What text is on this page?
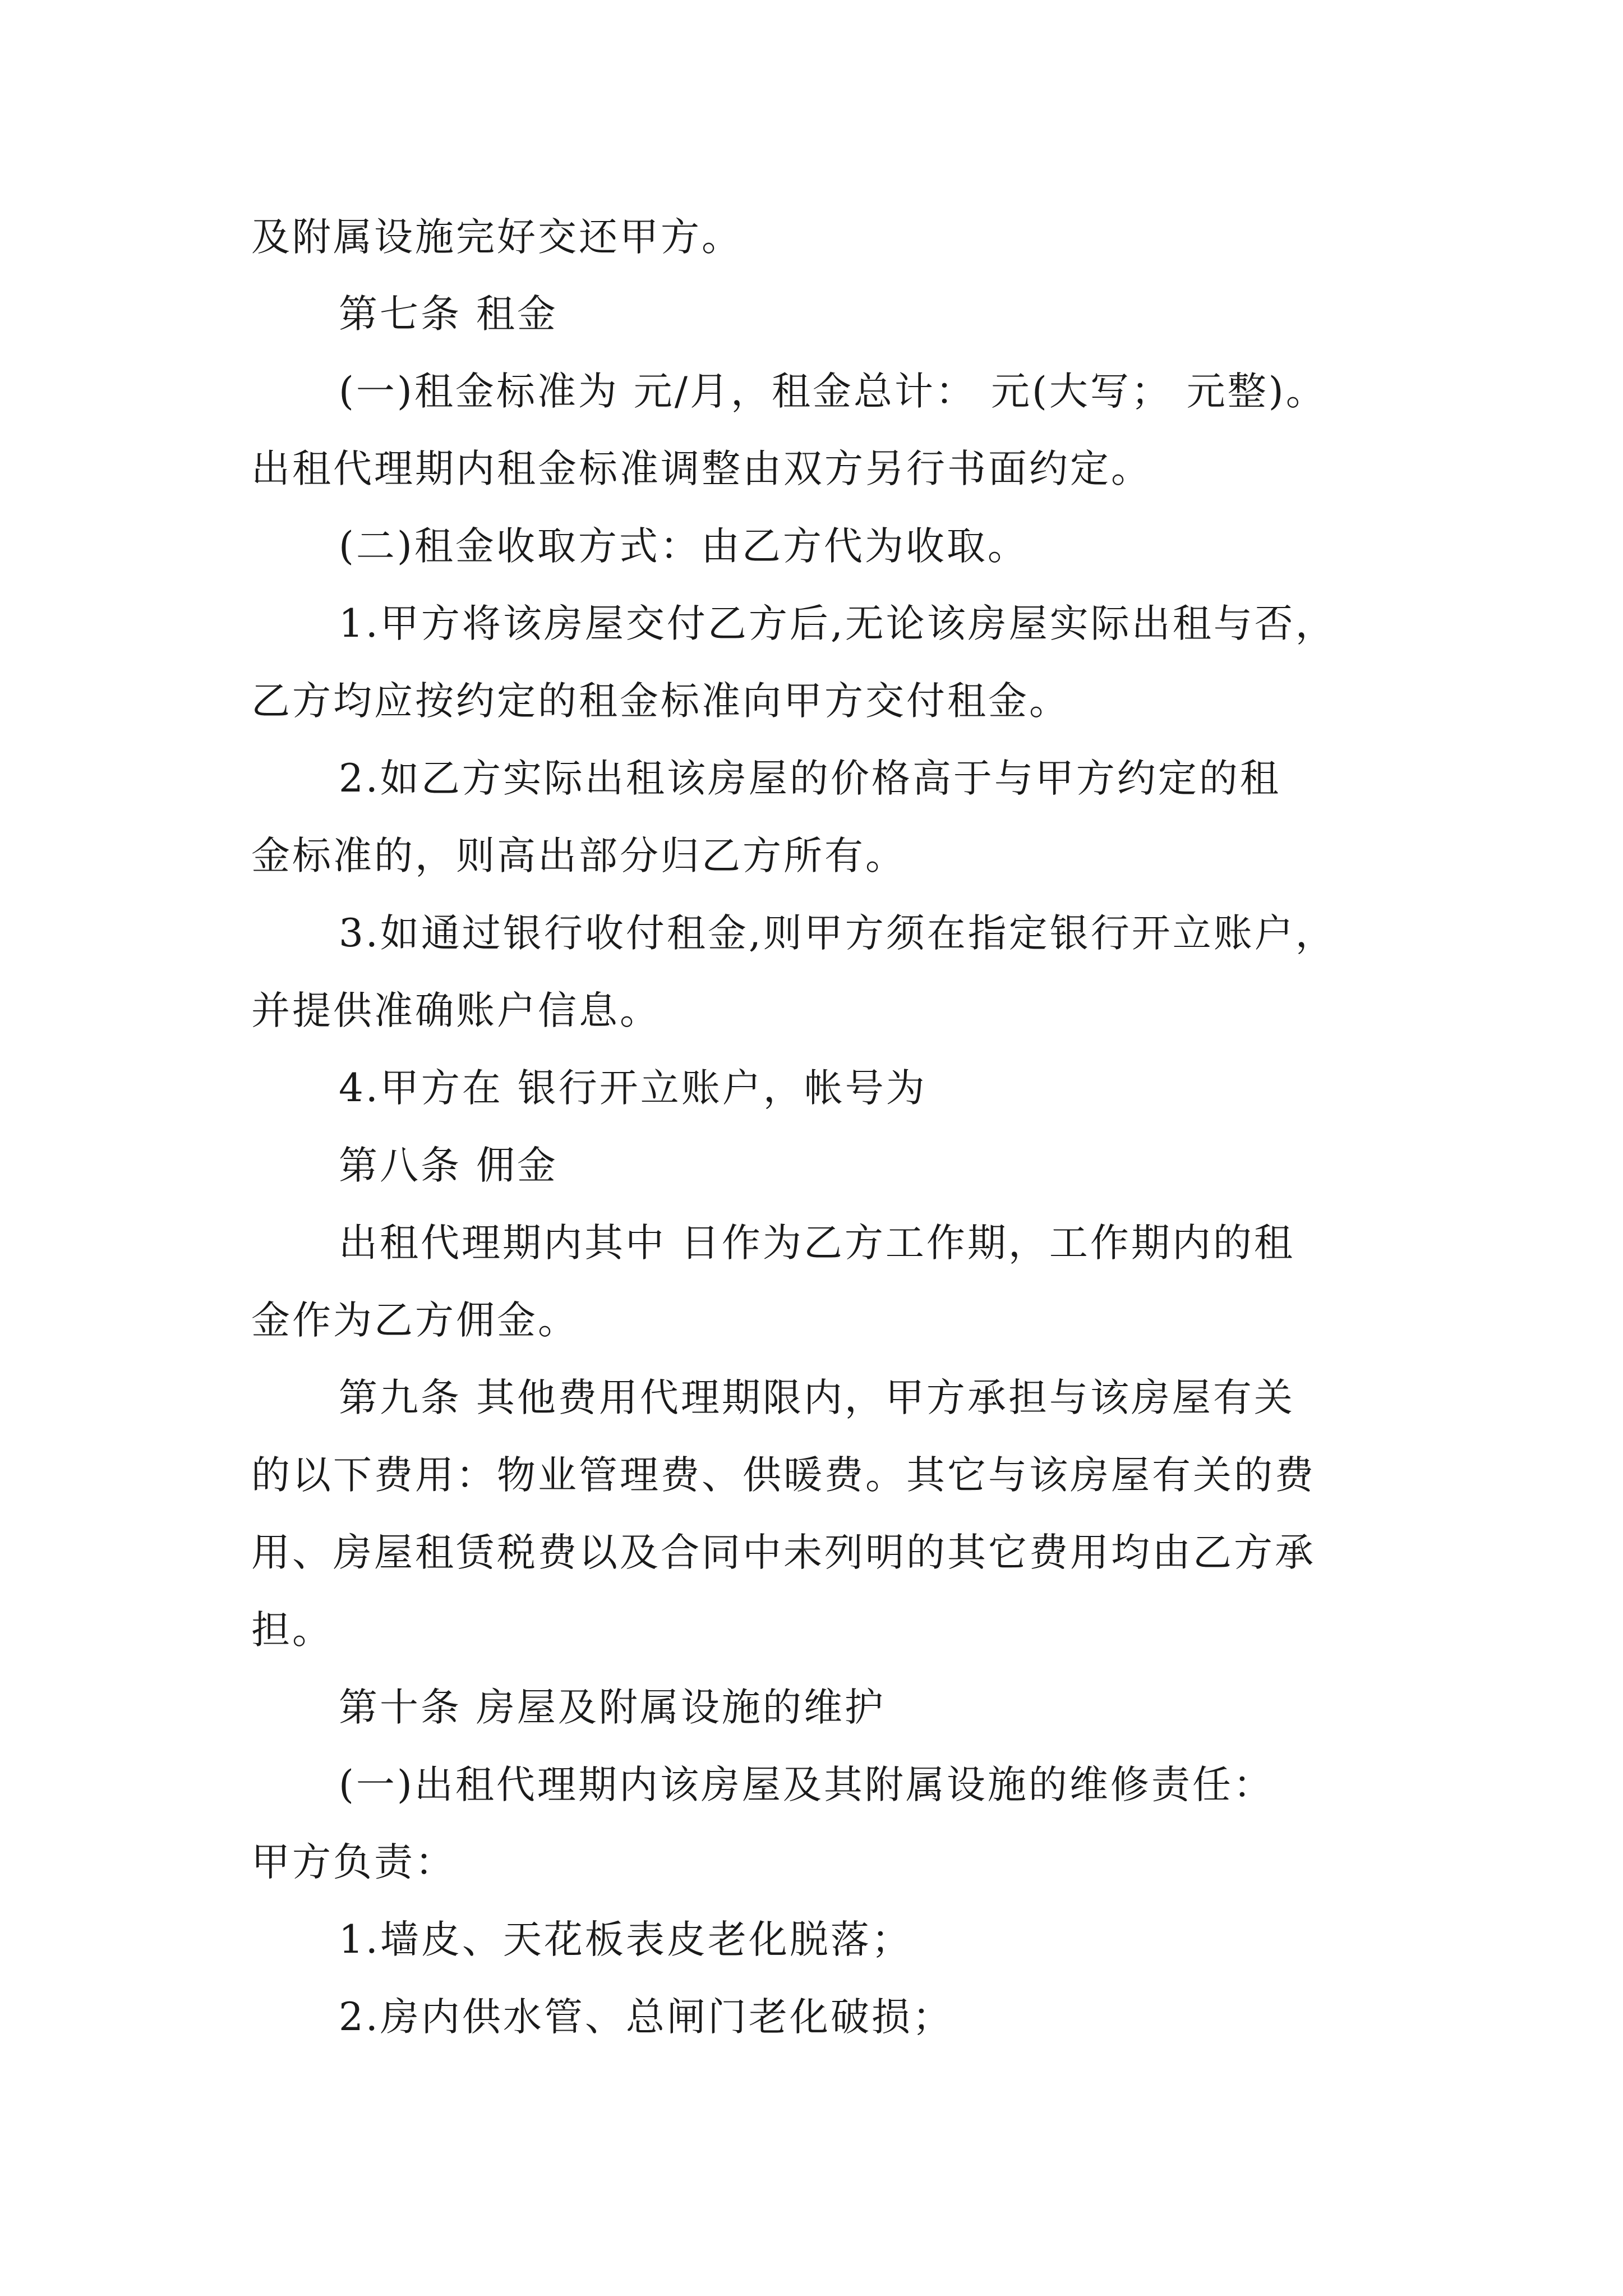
及附属设施完好交还甲方。
第七条 租金
(一)租金标准为 元/月，租金总计： 元(大写； 元整)。
出租代理期内租金标准调整由双方另行书面约定。
(二)租金收取方式：由乙方代为收取。
1.甲方将该房屋交付乙方后,无论该房屋实际出租与否，
乙方均应按约定的租金标准向甲方交付租金。
2.如乙方实际出租该房屋的价格高于与甲方约定的租
金标准的，则高出部分归乙方所有。
3.如通过银行收付租金,则甲方须在指定银行开立账户，
并提供准确账户信息。
4.甲方在 银行开立账户，帐号为
第八条 佣金
出租代理期内其中 日作为乙方工作期，工作期内的租
金作为乙方佣金。
第九条 其他费用代理期限内，甲方承担与该房屋有关
的以下费用：物业管理费、供暖费。其它与该房屋有关的费
用、房屋租赁税费以及合同中未列明的其它费用均由乙方承
担。
第十条 房屋及附属设施的维护
(一)出租代理期内该房屋及其附属设施的维修责任：
甲方负责：
1.墙皮、天花板表皮老化脱落；
2.房内供水管、总闸门老化破损；
